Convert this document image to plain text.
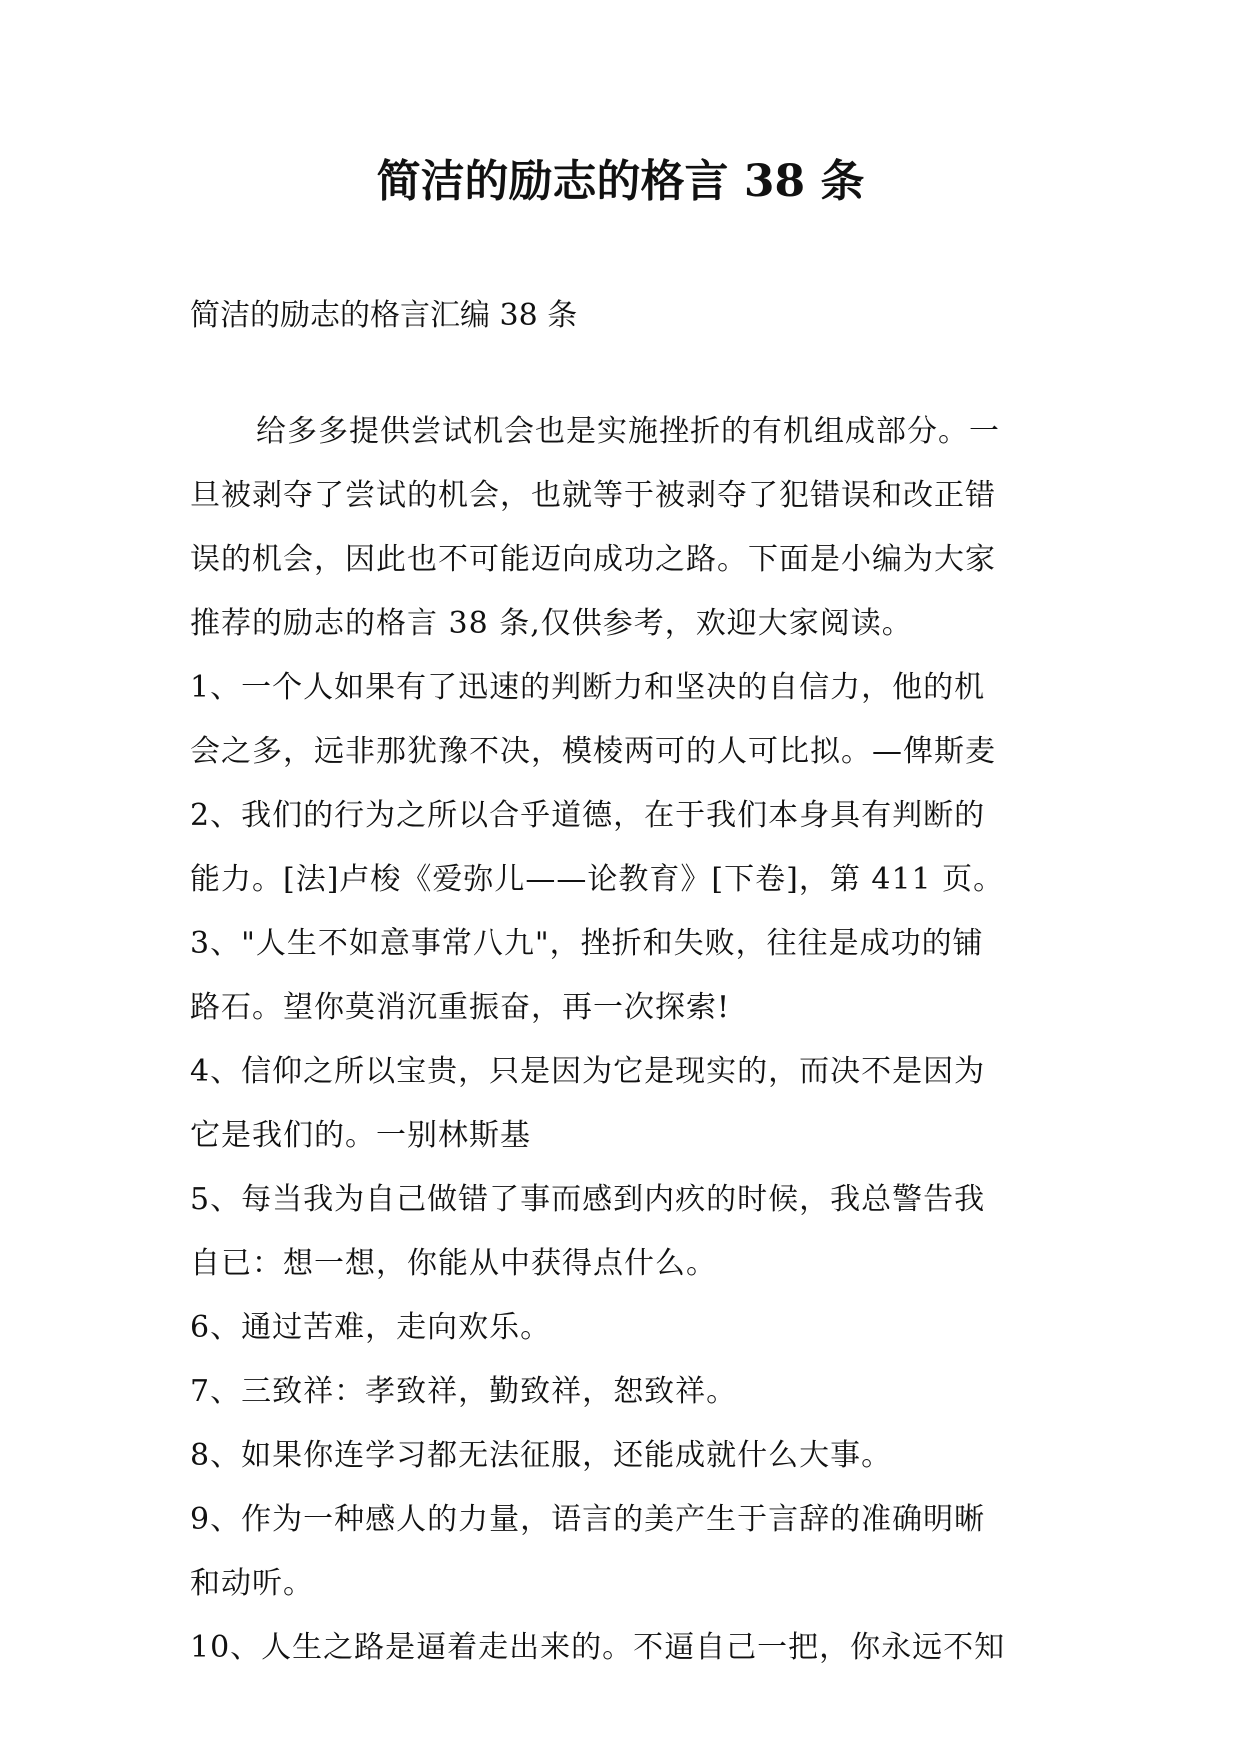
简洁的励志的格言 38 条
简洁的励志的格言汇编 38 条
给多多提供尝试机会也是实施挫折的有机组成部分。一
旦被剥夺了尝试的机会，也就等于被剥夺了犯错误和改正错
误的机会，因此也不可能迈向成功之路。下面是小编为大家
推荐的励志的格言 38 条,仅供参考，欢迎大家阅读。
1、一个人如果有了迅速的判断力和坚决的自信力，他的机
会之多，远非那犹豫不决，模棱两可的人可比拟。—俾斯麦
2、我们的行为之所以合乎道德，在于我们本身具有判断的
能力。[法]卢梭《爱弥儿——论教育》[下卷]，第 411 页。
3、"人生不如意事常八九"，挫折和失败，往往是成功的铺
路石。望你莫消沉重振奋，再一次探索!
4、信仰之所以宝贵，只是因为它是现实的，而决不是因为
它是我们的。一别林斯基
5、每当我为自己做错了事而感到内疚的时候，我总警告我
自已：想一想，你能从中获得点什么。
6、通过苦难，走向欢乐。
7、三致祥：孝致祥，勤致祥，恕致祥。
8、如果你连学习都无法征服，还能成就什么大事。
9、作为一种感人的力量，语言的美产生于言辞的准确明晰
和动听。
10、人生之路是逼着走出来的。不逼自己一把，你永远不知
